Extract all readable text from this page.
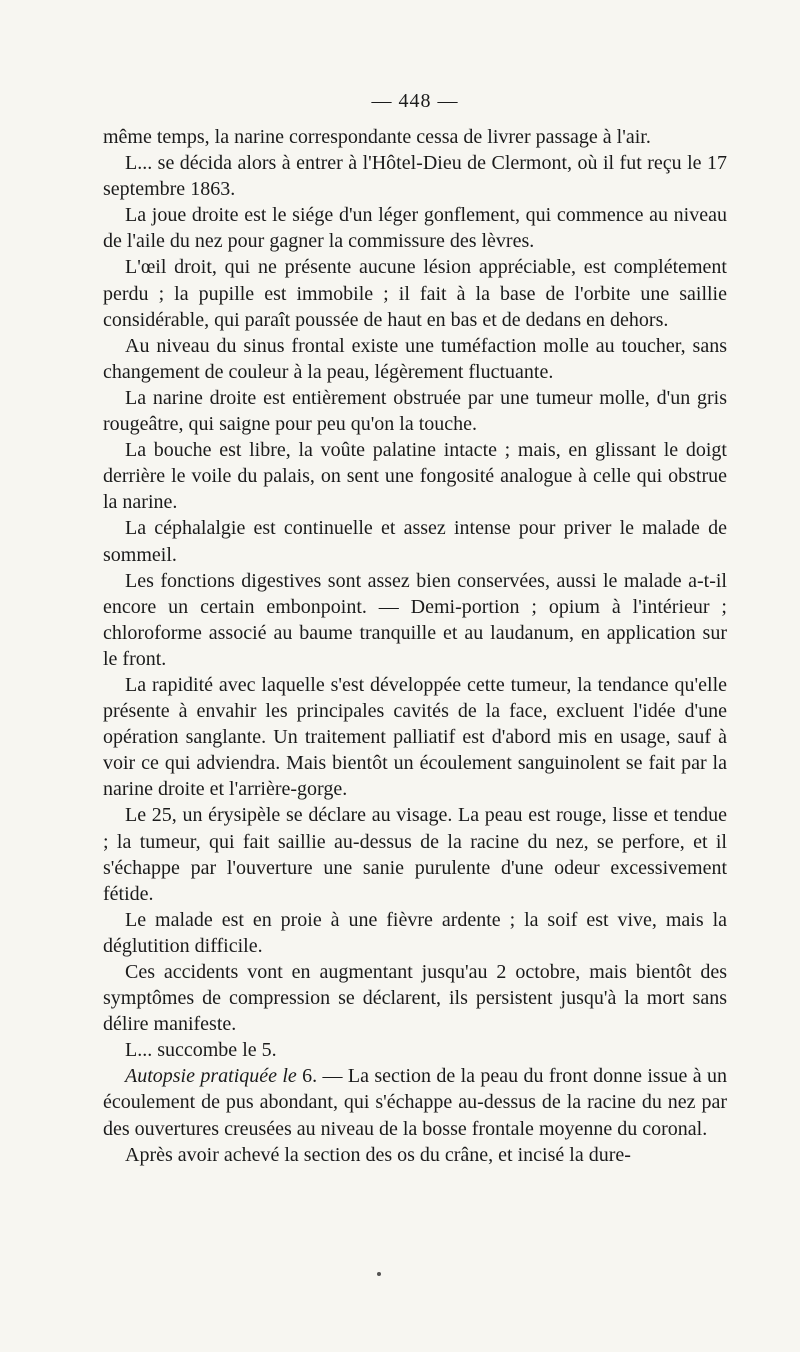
— 448 —

même temps, la narine correspondante cessa de livrer passage à l'air.

L... se décida alors à entrer à l'Hôtel-Dieu de Clermont, où il fut reçu le 17 septembre 1863.

La joue droite est le siége d'un léger gonflement, qui commence au niveau de l'aile du nez pour gagner la commissure des lèvres.

L'œil droit, qui ne présente aucune lésion appréciable, est complétement perdu ; la pupille est immobile ; il fait à la base de l'orbite une saillie considérable, qui paraît poussée de haut en bas et de dedans en dehors.

Au niveau du sinus frontal existe une tuméfaction molle au toucher, sans changement de couleur à la peau, légèrement fluctuante.

La narine droite est entièrement obstruée par une tumeur molle, d'un gris rougeâtre, qui saigne pour peu qu'on la touche.

La bouche est libre, la voûte palatine intacte ; mais, en glissant le doigt derrière le voile du palais, on sent une fongosité analogue à celle qui obstrue la narine.

La céphalalgie est continuelle et assez intense pour priver le malade de sommeil.

Les fonctions digestives sont assez bien conservées, aussi le malade a-t-il encore un certain embonpoint. — Demi-portion ; opium à l'intérieur ; chloroforme associé au baume tranquille et au laudanum, en application sur le front.

La rapidité avec laquelle s'est développée cette tumeur, la tendance qu'elle présente à envahir les principales cavités de la face, excluent l'idée d'une opération sanglante. Un traitement palliatif est d'abord mis en usage, sauf à voir ce qui adviendra. Mais bientôt un écoulement sanguinolent se fait par la narine droite et l'arrière-gorge.

Le 25, un érysipèle se déclare au visage. La peau est rouge, lisse et tendue ; la tumeur, qui fait saillie au-dessus de la racine du nez, se perfore, et il s'échappe par l'ouverture une sanie purulente d'une odeur excessivement fétide.

Le malade est en proie à une fièvre ardente ; la soif est vive, mais la déglutition difficile.

Ces accidents vont en augmentant jusqu'au 2 octobre, mais bientôt des symptômes de compression se déclarent, ils persistent jusqu'à la mort sans délire manifeste.

L... succombe le 5.

Autopsie pratiquée le 6. — La section de la peau du front donne issue à un écoulement de pus abondant, qui s'échappe au-dessus de la racine du nez par des ouvertures creusées au niveau de la bosse frontale moyenne du coronal.

Après avoir achevé la section des os du crâne, et incisé la dure-
